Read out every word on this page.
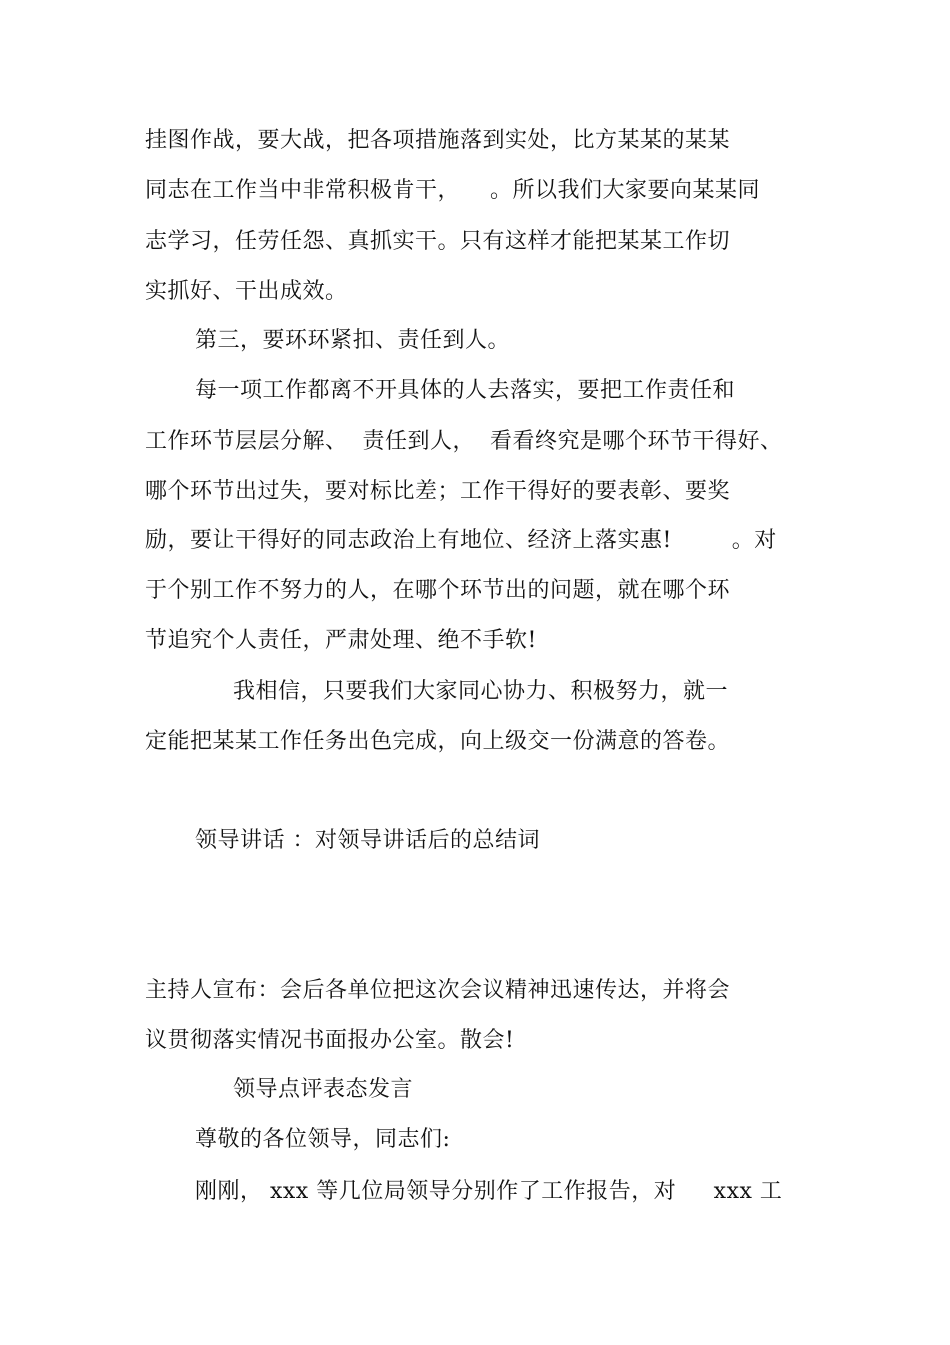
挂图作战，要大战，把各项措施落到实处，比方某某的某某
同志在工作当中非常积极肯干，    。所以我们大家要向某某同
志学习，任劳任怨、真抓实干。只有这样才能把某某工作切
实抓好、干出成效。
第三，要环环紧扣、责任到人。
每一项工作都离不开具体的人去落实，要把工作责任和
工作环节层层分解、  责任到人，  看看终究是哪个环节干得好、
哪个环节出过失，要对标比差；工作干得好的要表彰、要奖
励，要让干得好的同志政治上有地位、经济上落实惠!        。对
于个别工作不努力的人，在哪个环节出的问题，就在哪个环
节追究个人责任，严肃处理、绝不手软!
我相信，只要我们大家同心协力、积极努力，就一
定能把某某工作任务出色完成，向上级交一份满意的答卷。
领导讲话 ：对领导讲话后的总结词
主持人宣布：会后各单位把这次会议精神迅速传达，并将会
议贯彻落实情况书面报办公室。散会!
领导点评表态发言
尊敬的各位领导，同志们:
刚刚， xxx 等几位局领导分别作了工作报告，对     xxx 工
